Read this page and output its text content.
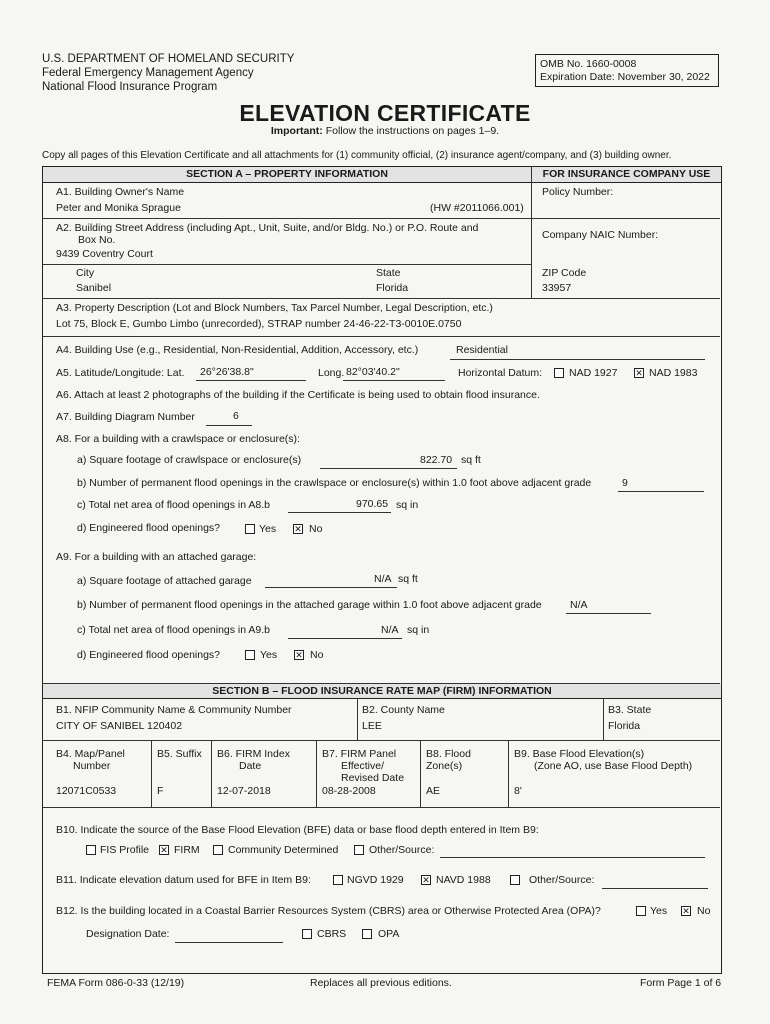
U.S. DEPARTMENT OF HOMELAND SECURITY
Federal Emergency Management Agency
National Flood Insurance Program
OMB No. 1660-0008
Expiration Date: November 30, 2022
ELEVATION CERTIFICATE
Important: Follow the instructions on pages 1–9.
Copy all pages of this Elevation Certificate and all attachments for (1) community official, (2) insurance agent/company, and (3) building owner.
SECTION A – PROPERTY INFORMATION	FOR INSURANCE COMPANY USE
A1. Building Owner's Name
Peter and Monika Sprague	(HW #2011066.001)
Policy Number:
A2. Building Street Address (including Apt., Unit, Suite, and/or Bldg. No.) or P.O. Route and
Box No.
9439 Coventry Court
Company NAIC Number:
City
Sanibel
State
Florida
ZIP Code
33957
A3. Property Description (Lot and Block Numbers, Tax Parcel Number, Legal Description, etc.)
Lot 75, Block E, Gumbo Limbo (unrecorded), STRAP number 24-46-22-T3-0010E.0750
A4. Building Use (e.g., Residential, Non-Residential, Addition, Accessory, etc.)	Residential
A5. Latitude/Longitude: Lat. 26°26'38.8"	Long. 82°03'40.2"	Horizontal Datum:	NAD 1927 ✕ NAD 1983
A6. Attach at least 2 photographs of the building if the Certificate is being used to obtain flood insurance.
A7. Building Diagram Number	6
A8. For a building with a crawlspace or enclosure(s):
a) Square footage of crawlspace or enclosure(s)	822.70 sq ft
b) Number of permanent flood openings in the crawlspace or enclosure(s) within 1.0 foot above adjacent grade	9
c) Total net area of flood openings in A8.b	970.65 sq in
d) Engineered flood openings?	Yes ✕ No
A9. For a building with an attached garage:
a) Square footage of attached garage	N/A sq ft
b) Number of permanent flood openings in the attached garage within 1.0 foot above adjacent grade	N/A
c) Total net area of flood openings in A9.b	N/A sq in
d) Engineered flood openings?	Yes ✕ No
SECTION B – FLOOD INSURANCE RATE MAP (FIRM) INFORMATION
B1. NFIP Community Name & Community Number
CITY OF SANIBEL 120402
B2. County Name
LEE
B3. State
Florida
B4. Map/Panel
Number
12071C0533
B5. Suffix
F
B6. FIRM Index
Date
12-07-2018
B7. FIRM Panel
Effective/
Revised Date
08-28-2008
B8. Flood
Zone(s)
AE
B9. Base Flood Elevation(s)
(Zone AO, use Base Flood Depth)
8'
B10. Indicate the source of the Base Flood Elevation (BFE) data or base flood depth entered in Item B9:
FIS Profile ✕ FIRM	Community Determined	Other/Source:
B11. Indicate elevation datum used for BFE in Item B9:	NGVD 1929 ✕ NAVD 1988	Other/Source:
B12. Is the building located in a Coastal Barrier Resources System (CBRS) area or Otherwise Protected Area (OPA)?	Yes ✕ No
Designation Date:	CBRS	OPA
FEMA Form 086-0-33 (12/19)	Replaces all previous editions.	Form Page 1 of 6
